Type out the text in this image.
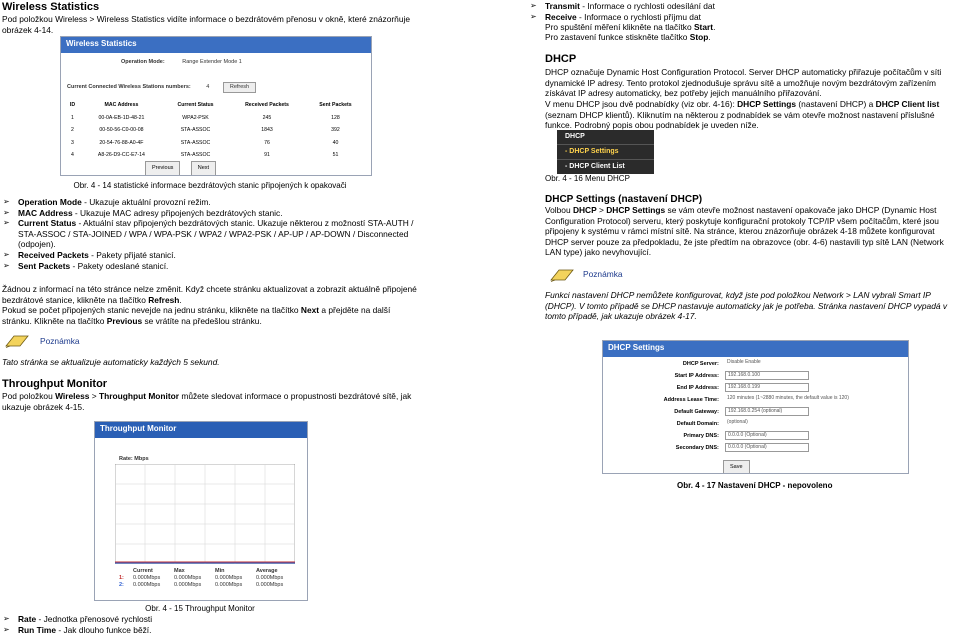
Wireless Statistics
Pod položkou Wireless > Wireless Statistics vidíte informace o bezdrátovém přenosu v okně, které znázorňuje obrázek 4-14.
Wireless Statistics
Operation Mode:	Range Extender Mode 1
Current Connected Wireless Stations numbers:	4	Refresh
ID	MAC Address	Current Status	Received Packets	Sent Packets
1	00-0A-EB-1D-48-21	WPA2-PSK	245	128
2	00-50-56-C0-00-08	STA-ASSOC	1843	392
3	20-54-76-88-A0-4F	STA-ASSOC	76	40
4	A8-26-D9-CC-E7-14	STA-ASSOC	91	51
Previous	Next
Obr. 4 - 14 statistické informace bezdrátových stanic připojených k opakovači
➢ Operation Mode - Ukazuje aktuální provozní režim.
➢ MAC Address - Ukazuje MAC adresy připojených bezdrátových stanic.
➢ Current Status - Aktuální stav připojených bezdrátových stanic. Ukazuje některou z možností STA-AUTH / STA-ASSOC / STA-JOINED / WPA / WPA-PSK / WPA2 / WPA2-PSK / AP-UP / AP-DOWN / Disconnected (odpojen).
➢ Received Packets - Pakety přijaté stanicí.
➢ Sent Packets - Pakety odeslané stanicí.
Žádnou z informací na této stránce nelze změnit. Když chcete stránku aktualizovat a zobrazit aktuálně připojené bezdrátové stanice, klikněte na tlačítko Refresh.
Pokud se počet připojených stanic nevejde na jednu stránku, klikněte na tlačítko Next a přejděte na další stránku. Klikněte na tlačítko Previous se vrátíte na předešlou stránku.
Poznámka
Tato stránka se aktualizuje automaticky každých 5 sekund.
Throughput Monitor
Pod položkou Wireless > Throughput Monitor můžete sledovat informace o propustnosti bezdrátové sítě, jak ukazuje obrázek 4-15.
Throughput Monitor
Rate: Mbps
Current	Max	Min	Average
1:	0.000Mbps	0.000Mbps	0.000Mbps	0.000Mbps
2:	0.000Mbps	0.000Mbps	0.000Mbps	0.000Mbps
Obr. 4 - 15 Throughput Monitor
➢ Rate - Jednotka přenosové rychlosti
➢ Run Time - Jak dlouho funkce běží.
➢ Transmit - Informace o rychlosti odesílání dat
➢ Receive - Informace o rychlosti příjmu dat
Pro spuštění měření klikněte na tlačítko Start.
Pro zastavení funkce stiskněte tlačítko Stop.
DHCP
DHCP označuje Dynamic Host Configuration Protocol. Server DHCP automaticky přiřazuje počítačům v síti dynamické IP adresy. Tento protokol zjednodušuje správu sítě a umožňuje novým bezdrátovým zařízením získávat IP adresy automaticky, bez potřeby jejich manuálního přiřazování.
V menu DHCP jsou dvě podnabídky (viz obr. 4-16): DHCP Settings (nastavení DHCP) a DHCP Client list (seznam DHCP klientů). Kliknutím na některou z podnabídek se vám otevře možnost nastavení příslušné funkce. Podrobný popis obou podnabídek je uveden níže.
DHCP
- DHCP Settings
- DHCP Client List
Obr. 4 - 16 Menu DHCP
DHCP Settings (nastavení DHCP)
Volbou DHCP > DHCP Settings se vám otevře možnost nastavení opakovače jako DHCP (Dynamic Host Configuration Protocol) serveru, který poskytuje konfigurační protokoly TCP/IP všem počítačům, které jsou připojeny k systému v rámci místní sítě. Na stránce, kterou znázorňuje obrázek 4-18 můžete konfigurovat DHCP server pouze za předpokladu, že jste předtím na obrazovce (obr. 4-6) nastavili typ sítě LAN (Network LAN type) jako nevyhovující.
Poznámka
Funkci nastavení DHCP nemůžete konfigurovat, když jste pod položkou Network > LAN vybrali Smart IP (DHCP). V tomto případě se DHCP nastavuje automaticky jak je potřeba. Stránka nastavení DHCP vypadá v tomto případě, jak ukazuje obrázek 4-17.
DHCP Settings
DHCP Server:	Disable Enable
Start IP Address:	192.168.0.100
End IP Address:	192.168.0.199
Address Lease Time:	120 minutes (1~2880 minutes, the default value is 120)
Default Gateway:	192.168.0.254 (optional)
Default Domain:	(optional)
Primary DNS:	0.0.0.0 (Optional)
Secondary DNS:	0.0.0.0 (Optional)
Save
Obr. 4 - 17 Nastavení DHCP - nepovoleno
